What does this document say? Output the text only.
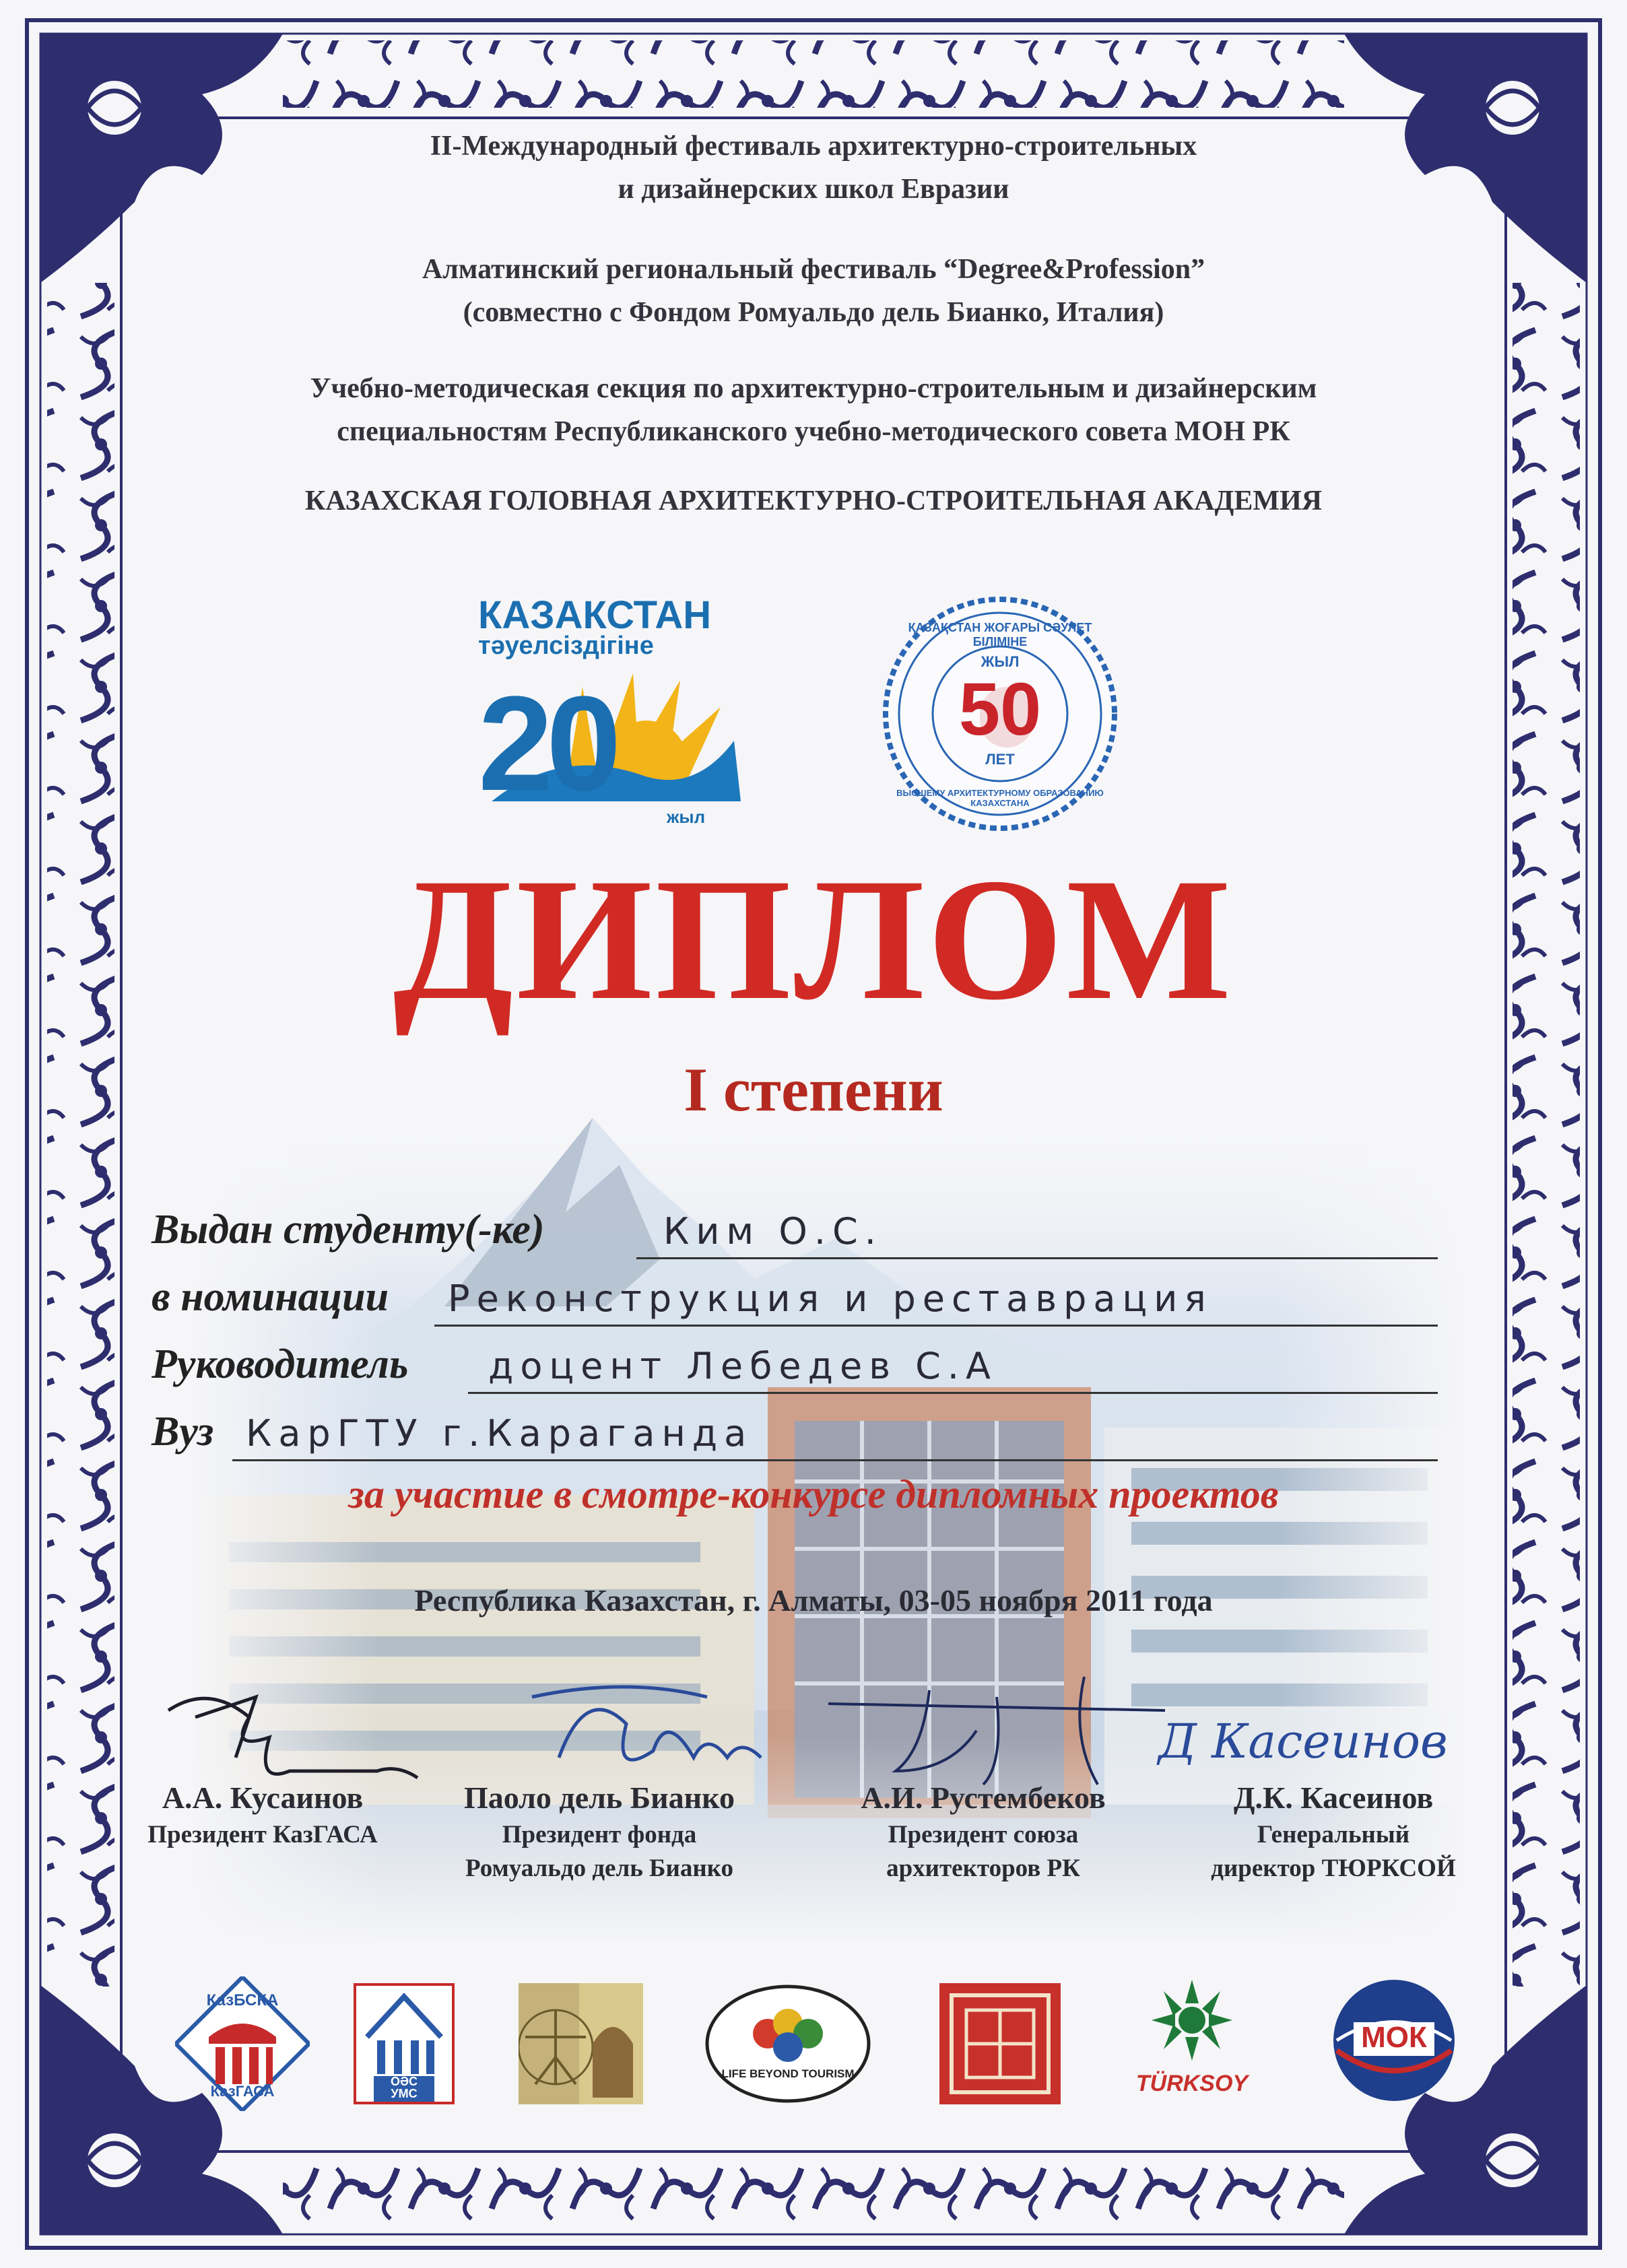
II-Международный фестиваль архитектурно-строительных
и дизайнерских школ Евразии
Алматинский региональный фестиваль “Degree&Profession”
(совместно с Фондом Ромуальдо дель Бианко, Италия)
Учебно-методическая секция по архитектурно-строительным и дизайнерским
специальностям Республиканского учебно-методического совета МОН РК
КАЗАХСКАЯ ГОЛОВНАЯ АРХИТЕКТУРНО-СТРОИТЕЛЬНАЯ АКАДЕМИЯ
КАЗАКСТАН
тәуелсіздігіне
20	жыл
ҚАЗАҚСТАН ЖОҒАРЫ СӘУЛЕТ БІЛІМІНЕ
ВЫСШЕМУ АРХИТЕКТУРНОМУ ОБРАЗОВАНИЮ КАЗАХСТАНА
ЖЫЛ
50
ЛЕТ
ДИПЛОМ
I степени
Выдан студенту(-ке)	Ким О.С.
в номинации Реконструкция и реставрация
Руководитель доцент Лебедев С.А
Вуз КарГТУ г.Караганда
за участие в смотре-конкурсе дипломных проектов
Республика Казахстан, г. Алматы, 03-05 ноября 2011 года
Д Касеинов
А.А. Кусаинов
Президент КазГАСА
Паоло дель Бианко
Президент фонда
Ромуальдо дель Бианко
А.И. Рустембеков
Президент союза
архитекторов РК
Д.К. Касеинов
Генеральный
директор ТЮРКСОЙ
КазБСКА
КазГАСА
ОӘС
УМС
LIFE BEYOND TOURISM	TÜRKSOY
МОК
